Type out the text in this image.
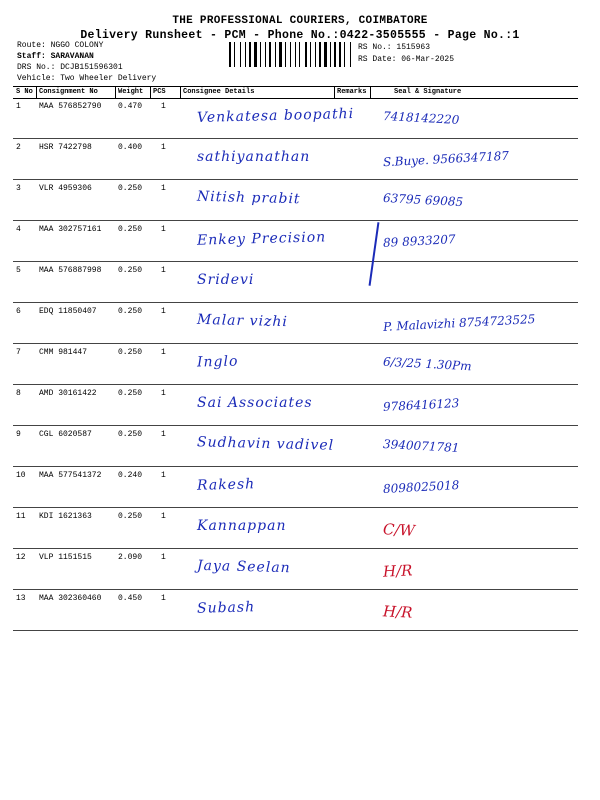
THE PROFESSIONAL COURIERS, COIMBATORE
Delivery Runsheet - PCM - Phone No.:0422-3505555 - Page No.:1
Route: NGGO COLONY
Staff: SARAVANAN
DRS No.: DCJB151596301
Vehicle: Two Wheeler Delivery
RS No.: 1515963
RS Date: 06-Mar-2025
S No Consignment No	Weight PCS Consignee Details	Remarks	Seal & Signature
1 MAA 576852790 0.470 1 Venkatesa boopathi 7418142220
2 HSR 7422798	0.400 1
sathiyanathan	S.Buye. 9566347187
3 VLR 4959306	0.250 1
Nitish prabit	63795 69085
4 MAA 302757161 0.250 1 Enkey Precision	89 8933207
5 MAA 576887998 0.250 1
Sridevi
6 EDQ 11850407	0.250 1
Malar vizhi	P. Malavizhi 8754723525
7 CMM 981447	0.250 1
Inglo	6/3/25 1.30Pm
8 AMD 30161422	0.250 1
Sai Associates	9786416123
9 CGL 6020587	0.250 1 Sudhavin vadivel	3940071781
10 MAA 577541372 0.240 1
Rakesh	8098025018
11 KDI 1621363	0.250 1
Kannappan	C/W
12 VLP 1151515	2.090 1
Jaya Seelan	H/R
13 MAA 302360460 0.450 1
Subash	H/R
